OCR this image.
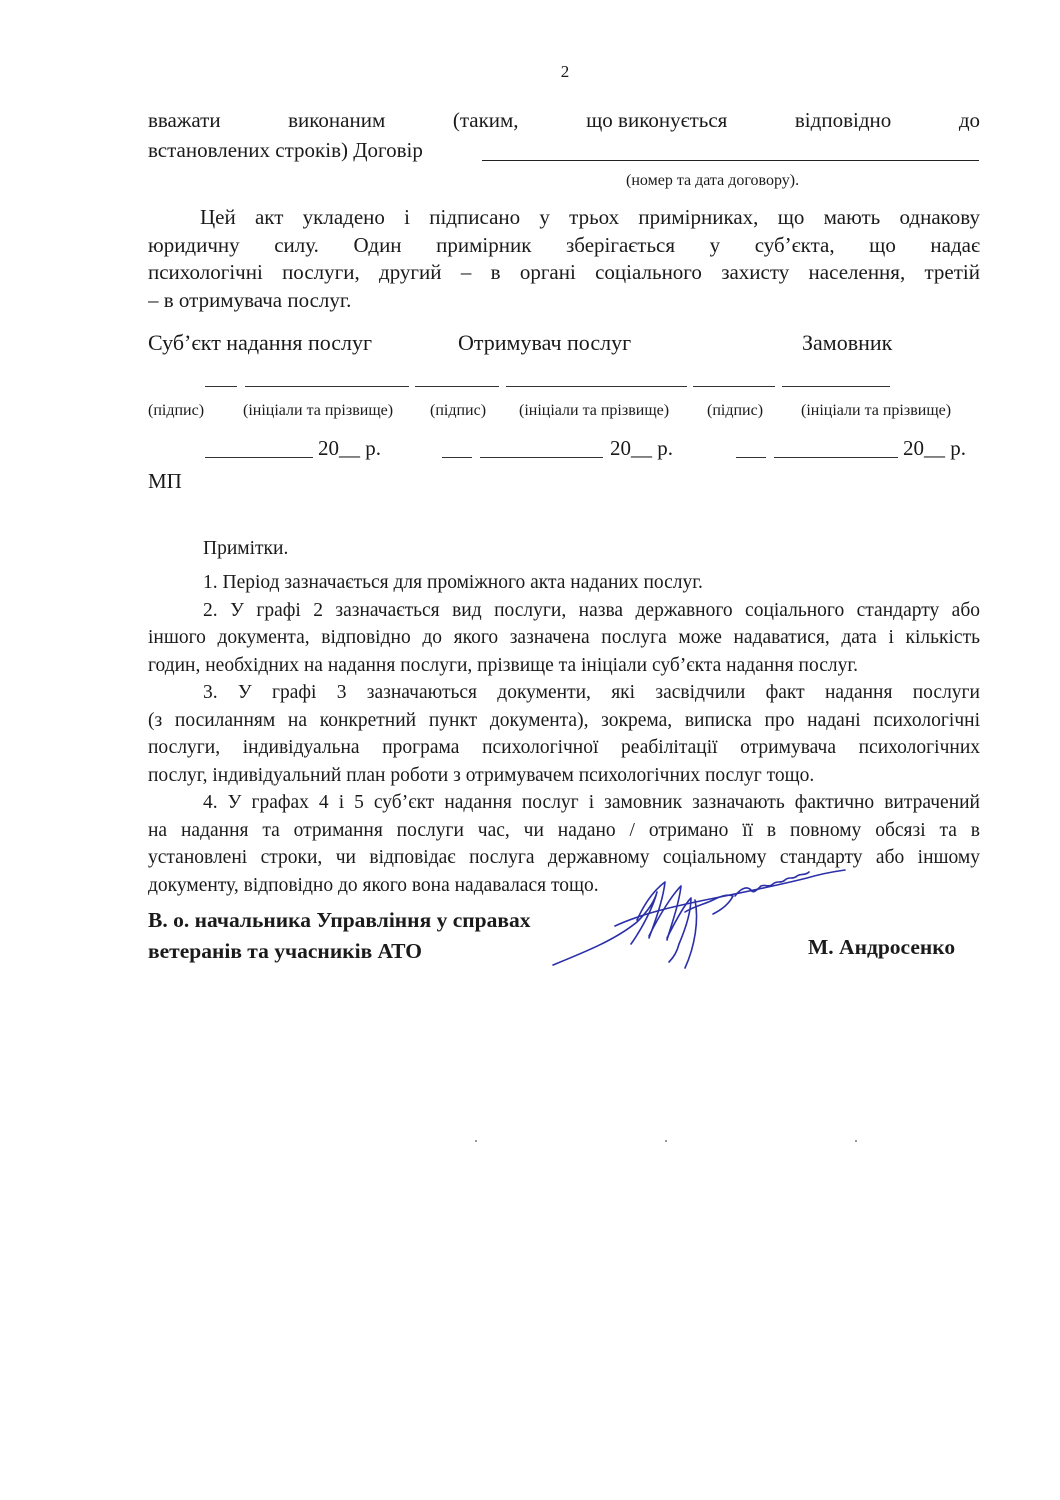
2
вважати	виконаним	(таким,	що виконується	відповідно	до
встановлених строків) Договір
(номер та дата договору).
Цей акт укладено і підписано у трьох примірниках, що мають однакову
юридичну силу. Один примірник зберігається у суб’єкта, що надає
психологічні послуги, другий – в органі соціального захисту населення, третій
– в отримувача послуг.
Суб’єкт надання послуг	Отримувач послуг	Замовник
(підпис) (ініціали та прізвище) (підпис) (ініціали та прізвище) (підпис) (ініціали та прізвище)
20__ р.	20__ р.	20__ р.
МП
Примітки.
1. Період зазначається для проміжного акта наданих послуг.
2. У графі 2 зазначається вид послуги, назва державного соціального стандарту або
іншого документа, відповідно до якого зазначена послуга може надаватися, дата і кількість
годин, необхідних на надання послуги, прізвище та ініціали суб’єкта надання послуг.
3. У графі 3 зазначаються документи, які засвідчили факт надання послуги
(з посиланням на конкретний пункт документа), зокрема, виписка про надані психологічні
послуги, індивідуальна програма психологічної реабілітації отримувача психологічних
послуг, індивідуальний план роботи з отримувачем психологічних послуг тощо.
4. У графах 4 і 5 суб’єкт надання послуг і замовник зазначають фактично витрачений
на надання та отримання послуги час, чи надано / отримано її в повному обсязі та в
установлені строки, чи відповідає послуга державному соціальному стандарту або іншому
документу, відповідно до якого вона надавалася тощо.
В. о. начальника Управління у справах
ветеранів та учасників АТО	М. Андросенко
